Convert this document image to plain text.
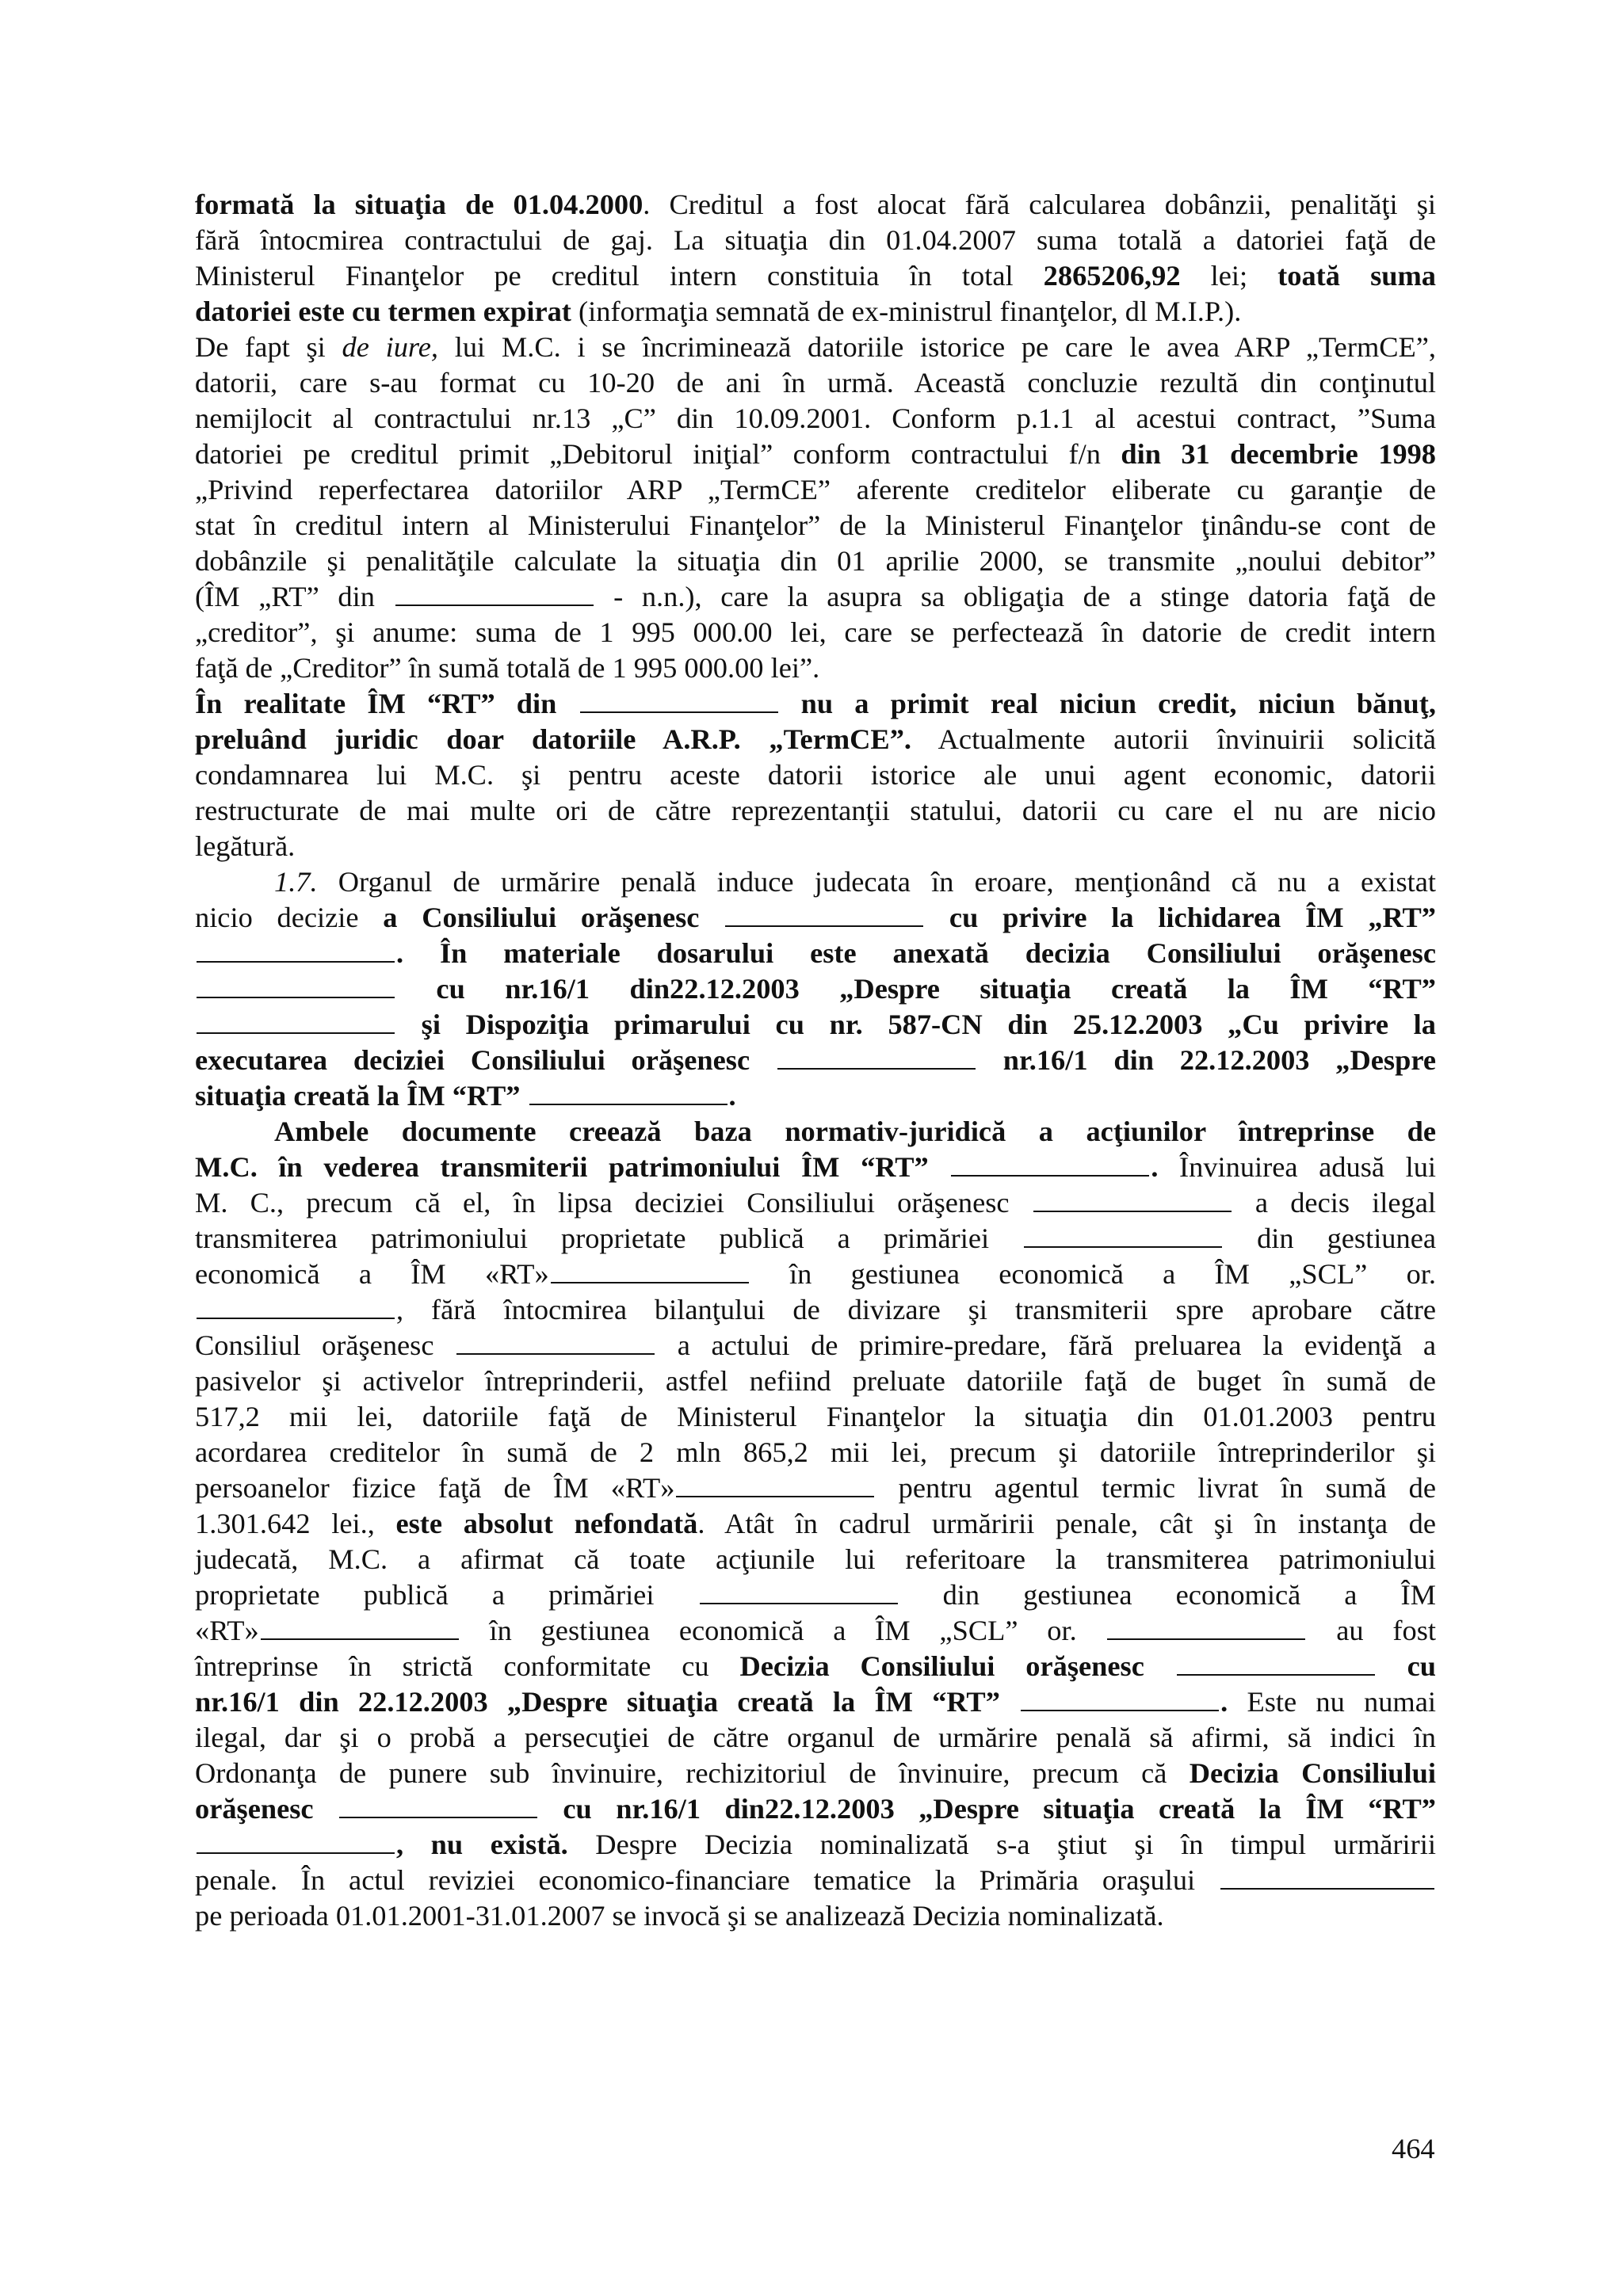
formată la situaţia de 01.04.2000. Creditul a fost alocat fără calcularea dobânzii, penalităţi şi
fără întocmirea contractului de gaj. La situaţia din 01.04.2007 suma totală a datoriei faţă de
Ministerul Finanţelor pe creditul intern constituia în total 2865206,92 lei; toată suma
datoriei este cu termen expirat (informaţia semnată de ex-ministrul finanţelor, dl M.I.P.).
De fapt şi de iure, lui M.C. i se încriminează datoriile istorice pe care le avea ARP „TermCE”,
datorii, care s-au format cu 10-20 de ani în urmă. Această concluzie rezultă din conţinutul
nemijlocit al contractului nr.13 „C” din 10.09.2001. Conform p.1.1 al acestui contract, ”Suma
datoriei pe creditul primit „Debitorul iniţial” conform contractului f/n din 31 decembrie 1998
„Privind reperfectarea datoriilor ARP „TermCE” aferente creditelor eliberate cu garanţie de
stat în creditul intern al Ministerului Finanţelor” de la Ministerul Finanţelor ţinându-se cont de
dobânzile şi penalităţile calculate la situaţia din 01 aprilie 2000, se transmite „noului debitor”
(ÎM „RT” din	- n.n.), care la asupra sa obligaţia de a stinge datoria faţă de
„creditor”, şi anume: suma de 1 995 000.00 lei, care se perfectează în datorie de credit intern
faţă de „Creditor” în sumă totală de 1 995 000.00 lei”.
În realitate ÎM “RT” din	nu a primit real niciun credit, niciun bănuţ,
preluând juridic doar datoriile A.R.P. „TermCE”. Actualmente autorii învinuirii solicită
condamnarea lui M.C. şi pentru aceste datorii istorice ale unui agent economic, datorii
restructurate de mai multe ori de către reprezentanţii statului, datorii cu care el nu are nicio
legătură.
1.7. Organul de urmărire penală induce judecata în eroare, menţionând că nu a existat
nicio decizie a Consiliului orăşenesc	cu privire la lichidarea ÎM „RT”
. În materiale dosarului este anexată decizia Consiliului orăşenesc
cu nr.16/1 din22.12.2003 „Despre situaţia creată la ÎM “RT”
şi Dispoziţia primarului cu nr. 587-CN din 25.12.2003 „Cu privire la
executarea deciziei Consiliului orăşenesc	nr.16/1 din 22.12.2003 „Despre
situaţia creată la ÎM “RT”	.
Ambele documente creează baza normativ-juridică a acţiunilor întreprinse de
M.C. în vederea transmiterii patrimoniului ÎM “RT”	. Învinuirea adusă lui
M. C., precum că el, în lipsa deciziei Consiliului orăşenesc	a decis ilegal
transmiterea patrimoniului proprietate publică a primăriei	din gestiunea
economică a ÎM «RT»	în gestiunea economică a ÎM „SCL” or.
, fără întocmirea bilanţului de divizare şi transmiterii spre aprobare către
Consiliul orăşenesc	a actului de primire-predare, fără preluarea la evidenţă a
pasivelor şi activelor întreprinderii, astfel nefiind preluate datoriile faţă de buget în sumă de
517,2 mii lei, datoriile faţă de Ministerul Finanţelor la situaţia din 01.01.2003 pentru
acordarea creditelor în sumă de 2 mln 865,2 mii lei, precum şi datoriile întreprinderilor şi
persoanelor fizice faţă de ÎM «RT»	pentru agentul termic livrat în sumă de
1.301.642 lei., este absolut nefondată. Atât în cadrul urmăririi penale, cât şi în instanţa de
judecată, M.C. a afirmat că toate acţiunile lui referitoare la transmiterea patrimoniului
proprietate publică a primăriei	din gestiunea economică a ÎM
«RT»	în gestiunea economică a ÎM „SCL” or.	au fost
întreprinse în strictă conformitate cu Decizia Consiliului orăşenesc	cu
nr.16/1 din 22.12.2003 „Despre situaţia creată la ÎM “RT”	. Este nu numai
ilegal, dar şi o probă a persecuţiei de către organul de urmărire penală să afirmi, să indici în
Ordonanţa de punere sub învinuire, rechizitoriul de învinuire, precum că Decizia Consiliului
orăşenesc	cu nr.16/1 din22.12.2003 „Despre situaţia creată la ÎM “RT”
, nu există. Despre Decizia nominalizată s-a ştiut şi în timpul urmăririi
penale. În actul reviziei economico-financiare tematice la Primăria oraşului
pe perioada 01.01.2001-31.01.2007 se invocă şi se analizează Decizia nominalizată.
464
